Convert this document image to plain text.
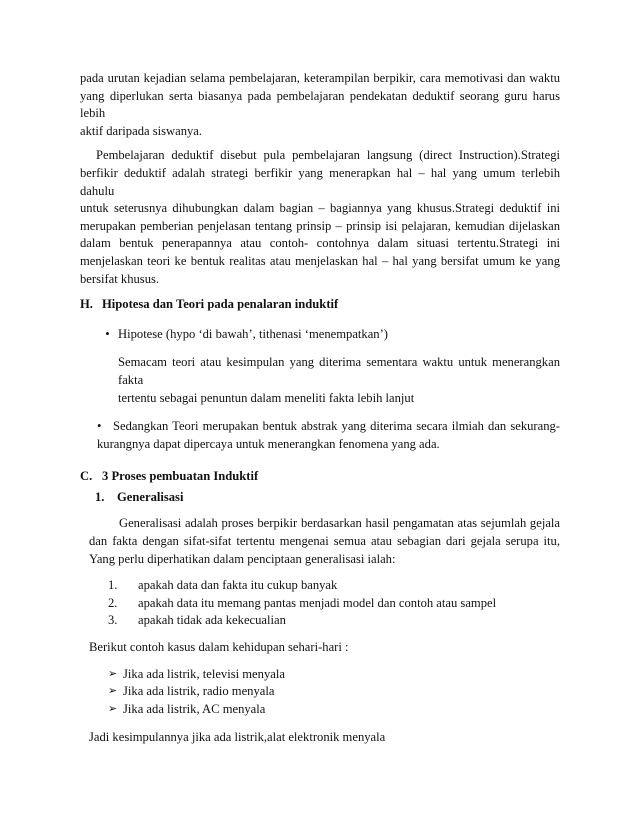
pada urutan kejadian selama pembelajaran, keterampilan berpikir, cara memotivasi dan waktu

yang diperlukan serta biasanya pada pembelajaran pendekatan deduktif seorang guru harus lebih

aktif daripada siswanya.

Pembelajaran deduktif disebut pula pembelajaran langsung (direct Instruction).Strategi

berfikir deduktif adalah strategi berfikir yang menerapkan hal – hal yang umum terlebih dahulu

untuk seterusnya dihubungkan dalam bagian – bagiannya yang khusus.Strategi deduktif ini

merupakan pemberian penjelasan tentang prinsip – prinsip isi pelajaran, kemudian dijelaskan

dalam bentuk penerapannya atau contoh- contohnya dalam situasi tertentu.Strategi ini

menjelaskan teori ke bentuk realitas atau menjelaskan hal – hal yang bersifat umum ke yang

bersifat khusus.

H. Hipotesa dan Teori pada penalaran induktif
• Hipotese (hypo ‘di bawah’, tithenasi ‘menempatkan’)

Semacam teori atau kesimpulan yang diterima sementara waktu untuk menerangkan fakta

tertentu sebagai penuntun dalam meneliti fakta lebih lanjut

• Sedangkan Teori merupakan bentuk abstrak yang diterima secara ilmiah dan sekurang-

kurangnya dapat dipercaya untuk menerangkan fenomena yang ada.

C. 3 Proses pembuatan Induktif
1. Generalisasi

Generalisasi adalah proses berpikir berdasarkan hasil pengamatan atas sejumlah gejala

dan fakta dengan sifat-sifat tertentu mengenai semua atau sebagian dari gejala serupa itu,

Yang perlu diperhatikan dalam penciptaan generalisasi ialah:

1.	apakah data dan fakta itu cukup banyak
2.	apakah data itu memang pantas menjadi model dan contoh atau sampel
3.	apakah tidak ada kekecualian

Berikut contoh kasus dalam kehidupan sehari-hari :

➢ Jika ada listrik, televisi menyala
➢ Jika ada listrik, radio menyala
➢ Jika ada listrik, AC menyala

Jadi kesimpulannya jika ada listrik,alat elektronik menyala
